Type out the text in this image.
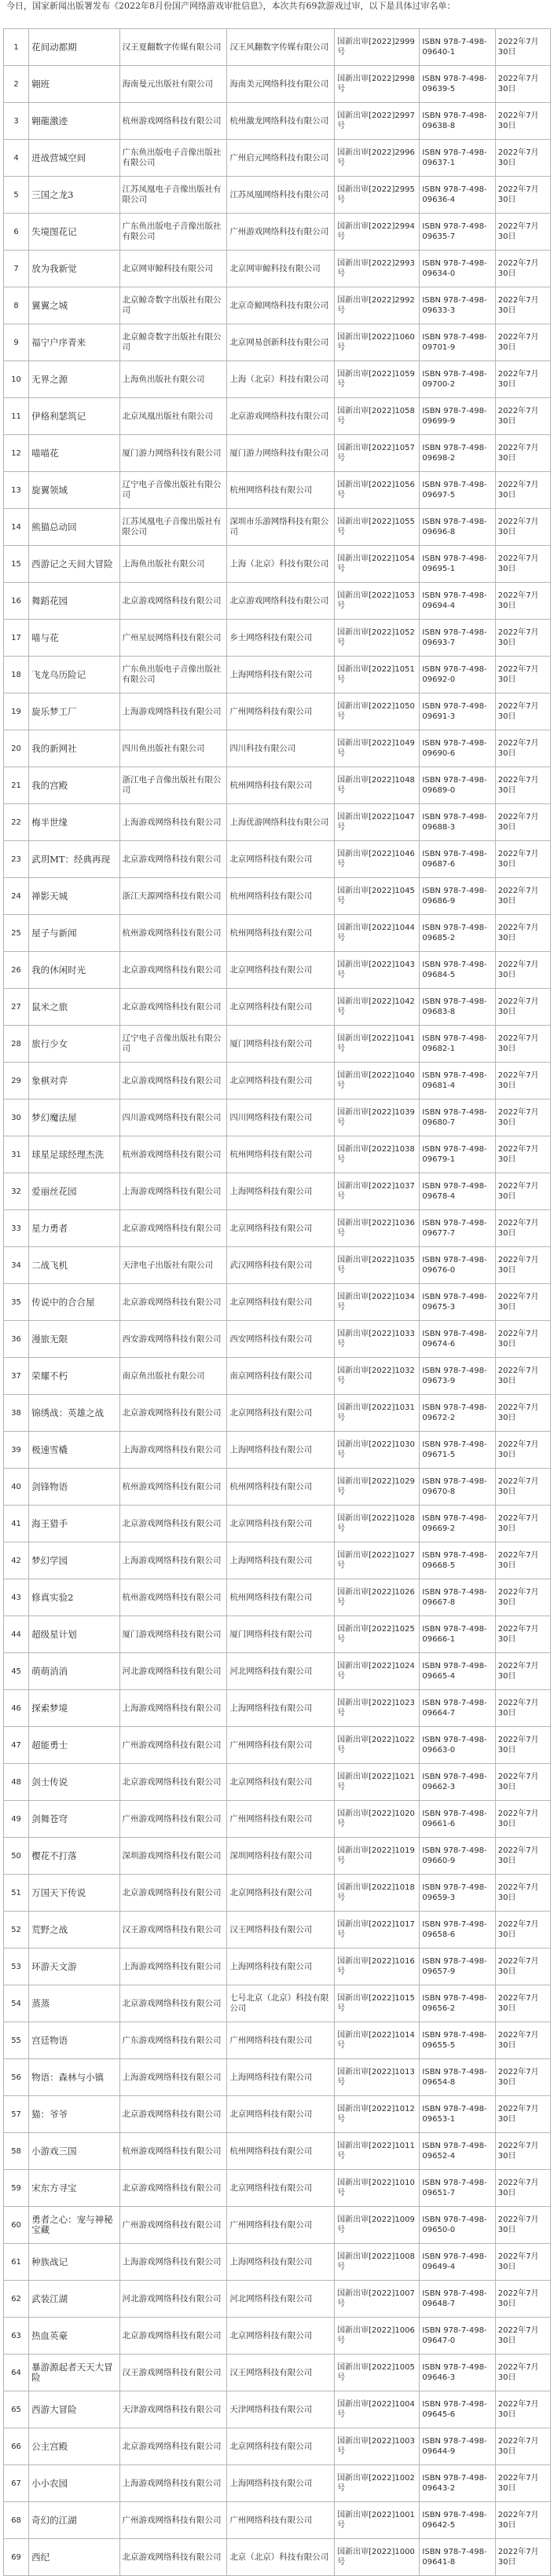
今日，国家新闻出版署发布《2022年8月份国产网络游戏审批信息》，本次共有69款游戏过审，以下是具体过审名单：
1	花间动都期	汉王夏翻数字传媒有限公司	汉王风翻数字传媒有限公司	国新出审[2022]2999号	ISBN 978-7-498-09640-1	2022年7月30日
2	翱班	海南曼元出版社有限公司	海南美元网络科技有限公司	国新出审[2022]2998号	ISBN 978-7-498-09639-5	2022年7月30日
3	翱龍激迹	杭州游戏网络科技有限公司	杭州激龙网络科技有限公司	国新出审[2022]2997号	ISBN 978-7-498-09638-8	2022年7月30日
4	进战营城空间	广东鱼出版电子音像出版社有限公司	广州启元网络科技有限公司	国新出审[2022]2996号	ISBN 978-7-498-09637-1	2022年7月30日
5	三国之龙3	江苏凤凰电子音像出版社有限公司	江苏凤凰网络科技有限公司	国新出审[2022]2995号	ISBN 978-7-498-09636-4	2022年7月30日
6	失境图花记	广东鱼出版电子音像出版社有限公司	广州游戏网络科技有限公司	国新出审[2022]2994号	ISBN 978-7-498-09635-7	2022年7月30日
7	放为我新觉	北京网审鲸科技有限公司	北京网审鲸科技有限公司	国新出审[2022]2993号	ISBN 978-7-498-09634-0	2022年7月30日
8	翼翼之城	北京鲸奇数字出版社有限公司	北京奇鲸网络科技有限公司	国新出审[2022]2992号	ISBN 978-7-498-09633-3	2022年7月30日
9	福宁户序青来	北京鲸奇数字出版社有限公司	北京网易创新科技有限公司	国新出审[2022]1060号	ISBN 978-7-498-09701-9	2022年7月30日
10	无界之源	上海鱼出版社有限公司	上海（北京）科技有限公司	国新出审[2022]1059号	ISBN 978-7-498-09700-2	2022年7月30日
11	伊格利瑟筑记	北京凤凰出版社有限公司	北京游戏网络科技有限公司	国新出审[2022]1058号	ISBN 978-7-498-09699-9	2022年7月30日
12	喵喵花	厦门游力网络科技有限公司	厦门游力网络科技有限公司	国新出审[2022]1057号	ISBN 978-7-498-09698-2	2022年7月30日
13	旋翼领域	辽宁电子音像出版社有限公司	杭州网络科技有限公司	国新出审[2022]1056号	ISBN 978-7-498-09697-5	2022年7月30日
14	熊猫总动回	江苏凤凰电子音像出版社有限公司	深圳市乐游网络科技有限公司	国新出审[2022]1055号	ISBN 978-7-498-09696-8	2022年7月30日
15	西游记之天间大冒险	上海鱼出版社有限公司	上海（北京）科技有限公司	国新出审[2022]1054号	ISBN 978-7-498-09695-1	2022年7月30日
16	舞蹈花园	北京游戏网络科技有限公司	北京游戏网络科技有限公司	国新出审[2022]1053号	ISBN 978-7-498-09694-4	2022年7月30日
17	喵与花	广州星辰网络科技有限公司	乡土网络科技有限公司	国新出审[2022]1052号	ISBN 978-7-498-09693-7	2022年7月30日
18	飞龙乌历险记	广东鱼出版电子音像出版社有限公司	上海网络科技有限公司	国新出审[2022]1051号	ISBN 978-7-498-09692-0	2022年7月30日
19	旋乐梦工厂	上海游戏网络科技有限公司	广州网络科技有限公司	国新出审[2022]1050号	ISBN 978-7-498-09691-3	2022年7月30日
20	我的新网社	四川鱼出版社有限公司	四川科技有限公司	国新出审[2022]1049号	ISBN 978-7-498-09690-6	2022年7月30日
21	我的宫殿	浙江电子音像出版社有限公司	杭州网络科技有限公司	国新出审[2022]1048号	ISBN 978-7-498-09689-0	2022年7月30日
22	梅半世缘	上海游戏网络科技有限公司	上海优游网络科技有限公司	国新出审[2022]1047号	ISBN 978-7-498-09688-3	2022年7月30日
23	武玥MT：经典再现	北京游戏网络科技有限公司	北京网络科技有限公司	国新出审[2022]1046号	ISBN 978-7-498-09687-6	2022年7月30日
24	禅影天城	浙江天源网络科技有限公司	杭州网络科技有限公司	国新出审[2022]1045号	ISBN 978-7-498-09686-9	2022年7月30日
25	屋子与新闻	杭州游戏网络科技有限公司	杭州网络科技有限公司	国新出审[2022]1044号	ISBN 978-7-498-09685-2	2022年7月30日
26	我的休闲时光	北京游戏网络科技有限公司	北京网络科技有限公司	国新出审[2022]1043号	ISBN 978-7-498-09684-5	2022年7月30日
27	鼠米之旅	北京游戏网络科技有限公司	北京网络科技有限公司	国新出审[2022]1042号	ISBN 978-7-498-09683-8	2022年7月30日
28	旅行少女	辽宁电子音像出版社有限公司	厦门网络科技有限公司	国新出审[2022]1041号	ISBN 978-7-498-09682-1	2022年7月30日
29	象棋对弈	北京游戏网络科技有限公司	北京网络科技有限公司	国新出审[2022]1040号	ISBN 978-7-498-09681-4	2022年7月30日
30	梦幻魔法屋	四川游戏网络科技有限公司	四川网络科技有限公司	国新出审[2022]1039号	ISBN 978-7-498-09680-7	2022年7月30日
31	球星足球经理杰洗	杭州游戏网络科技有限公司	杭州网络科技有限公司	国新出审[2022]1038号	ISBN 978-7-498-09679-1	2022年7月30日
32	爱丽丝花园	上海游戏网络科技有限公司	上海网络科技有限公司	国新出审[2022]1037号	ISBN 978-7-498-09678-4	2022年7月30日
33	星力勇者	北京游戏网络科技有限公司	北京网络科技有限公司	国新出审[2022]1036号	ISBN 978-7-498-09677-7	2022年7月30日
34	二战飞机	天津电子出版社有限公司	武汉网络科技有限公司	国新出审[2022]1035号	ISBN 978-7-498-09676-0	2022年7月30日
35	传说中的合合屋	北京游戏网络科技有限公司	北京网络科技有限公司	国新出审[2022]1034号	ISBN 978-7-498-09675-3	2022年7月30日
36	漫旅无限	西安游戏网络科技有限公司	西安网络科技有限公司	国新出审[2022]1033号	ISBN 978-7-498-09674-6	2022年7月30日
37	荣耀不朽	南京鱼出版社有限公司	南京网络科技有限公司	国新出审[2022]1032号	ISBN 978-7-498-09673-9	2022年7月30日
38	锦绣战：英雄之战	北京游戏网络科技有限公司	北京网络科技有限公司	国新出审[2022]1031号	ISBN 978-7-498-09672-2	2022年7月30日
39	极速雪橇	上海游戏网络科技有限公司	上海网络科技有限公司	国新出审[2022]1030号	ISBN 978-7-498-09671-5	2022年7月30日
40	剑锋物语	杭州游戏网络科技有限公司	杭州网络科技有限公司	国新出审[2022]1029号	ISBN 978-7-498-09670-8	2022年7月30日
41	海王猎手	北京游戏网络科技有限公司	北京网络科技有限公司	国新出审[2022]1028号	ISBN 978-7-498-09669-2	2022年7月30日
42	梦幻学园	上海游戏网络科技有限公司	上海网络科技有限公司	国新出审[2022]1027号	ISBN 978-7-498-09668-5	2022年7月30日
43	修真实验2	杭州游戏网络科技有限公司	杭州网络科技有限公司	国新出审[2022]1026号	ISBN 978-7-498-09667-8	2022年7月30日
44	超级星计划	厦门游戏网络科技有限公司	厦门网络科技有限公司	国新出审[2022]1025号	ISBN 978-7-498-09666-1	2022年7月30日
45	萌萌消消	河北游戏网络科技有限公司	河北网络科技有限公司	国新出审[2022]1024号	ISBN 978-7-498-09665-4	2022年7月30日
46	探索梦境	上海游戏网络科技有限公司	上海网络科技有限公司	国新出审[2022]1023号	ISBN 978-7-498-09664-7	2022年7月30日
47	超能勇士	广州游戏网络科技有限公司	广州网络科技有限公司	国新出审[2022]1022号	ISBN 978-7-498-09663-0	2022年7月30日
48	剑士传说	北京游戏网络科技有限公司	北京网络科技有限公司	国新出审[2022]1021号	ISBN 978-7-498-09662-3	2022年7月30日
49	剑舞苍穹	广州游戏网络科技有限公司	广州网络科技有限公司	国新出审[2022]1020号	ISBN 978-7-498-09661-6	2022年7月30日
50	樱花不打落	深圳游戏网络科技有限公司	深圳网络科技有限公司	国新出审[2022]1019号	ISBN 978-7-498-09660-9	2022年7月30日
51	万国天下传说	北京游戏网络科技有限公司	北京网络科技有限公司	国新出审[2022]1018号	ISBN 978-7-498-09659-3	2022年7月30日
52	荒野之战	汉王游戏网络科技有限公司	汉王网络科技有限公司	国新出审[2022]1017号	ISBN 978-7-498-09658-6	2022年7月30日
53	环游天文游	上海游戏网络科技有限公司	上海网络科技有限公司	国新出审[2022]1016号	ISBN 978-7-498-09657-9	2022年7月30日
54	蒸蒸	北京游戏网络科技有限公司	七号北京（北京）科技有限公司	国新出审[2022]1015号	ISBN 978-7-498-09656-2	2022年7月30日
55	宫廷物语	广东游戏网络科技有限公司	广州网络科技有限公司	国新出审[2022]1014号	ISBN 978-7-498-09655-5	2022年7月30日
56	物语：森林与小镇	上海游戏网络科技有限公司	上海网络科技有限公司	国新出审[2022]1013号	ISBN 978-7-498-09654-8	2022年7月30日
57	猫：爷爷	北京游戏网络科技有限公司	北京网络科技有限公司	国新出审[2022]1012号	ISBN 978-7-498-09653-1	2022年7月30日
58	小游戏三国	杭州游戏网络科技有限公司	杭州网络科技有限公司	国新出审[2022]1011号	ISBN 978-7-498-09652-4	2022年7月30日
59	宋东方寻宝	北京游戏网络科技有限公司	北京网络科技有限公司	国新出审[2022]1010号	ISBN 978-7-498-09651-7	2022年7月30日
60	勇者之心：宠与神秘宝藏	广州游戏网络科技有限公司	广州网络科技有限公司	国新出审[2022]1009号	ISBN 978-7-498-09650-0	2022年7月30日
61	种族战记	上海游戏网络科技有限公司	上海网络科技有限公司	国新出审[2022]1008号	ISBN 978-7-498-09649-4	2022年7月30日
62	武装江湖	河北游戏网络科技有限公司	河北网络科技有限公司	国新出审[2022]1007号	ISBN 978-7-498-09648-7	2022年7月30日
63	热血英豪	北京游戏网络科技有限公司	北京网络科技有限公司	国新出审[2022]1006号	ISBN 978-7-498-09647-0	2022年7月30日
64	暴游源起者天天大冒险	汉王游戏网络科技有限公司	汉王网络科技有限公司	国新出审[2022]1005号	ISBN 978-7-498-09646-3	2022年7月30日
65	西游大冒险	天津游戏网络科技有限公司	天津网络科技有限公司	国新出审[2022]1004号	ISBN 978-7-498-09645-6	2022年7月30日
66	公主宫殿	北京游戏网络科技有限公司	北京网络科技有限公司	国新出审[2022]1003号	ISBN 978-7-498-09644-9	2022年7月30日
67	小小农园	上海游戏网络科技有限公司	上海网络科技有限公司	国新出审[2022]1002号	ISBN 978-7-498-09643-2	2022年7月30日
68	奇幻的江湖	广州游戏网络科技有限公司	广州网络科技有限公司	国新出审[2022]1001号	ISBN 978-7-498-09642-5	2022年7月30日
69	西纪	北京游戏网络科技有限公司	北京（北京）科技有限公司	国新出审[2022]1000号	ISBN 978-7-498-09641-8	2022年7月30日
